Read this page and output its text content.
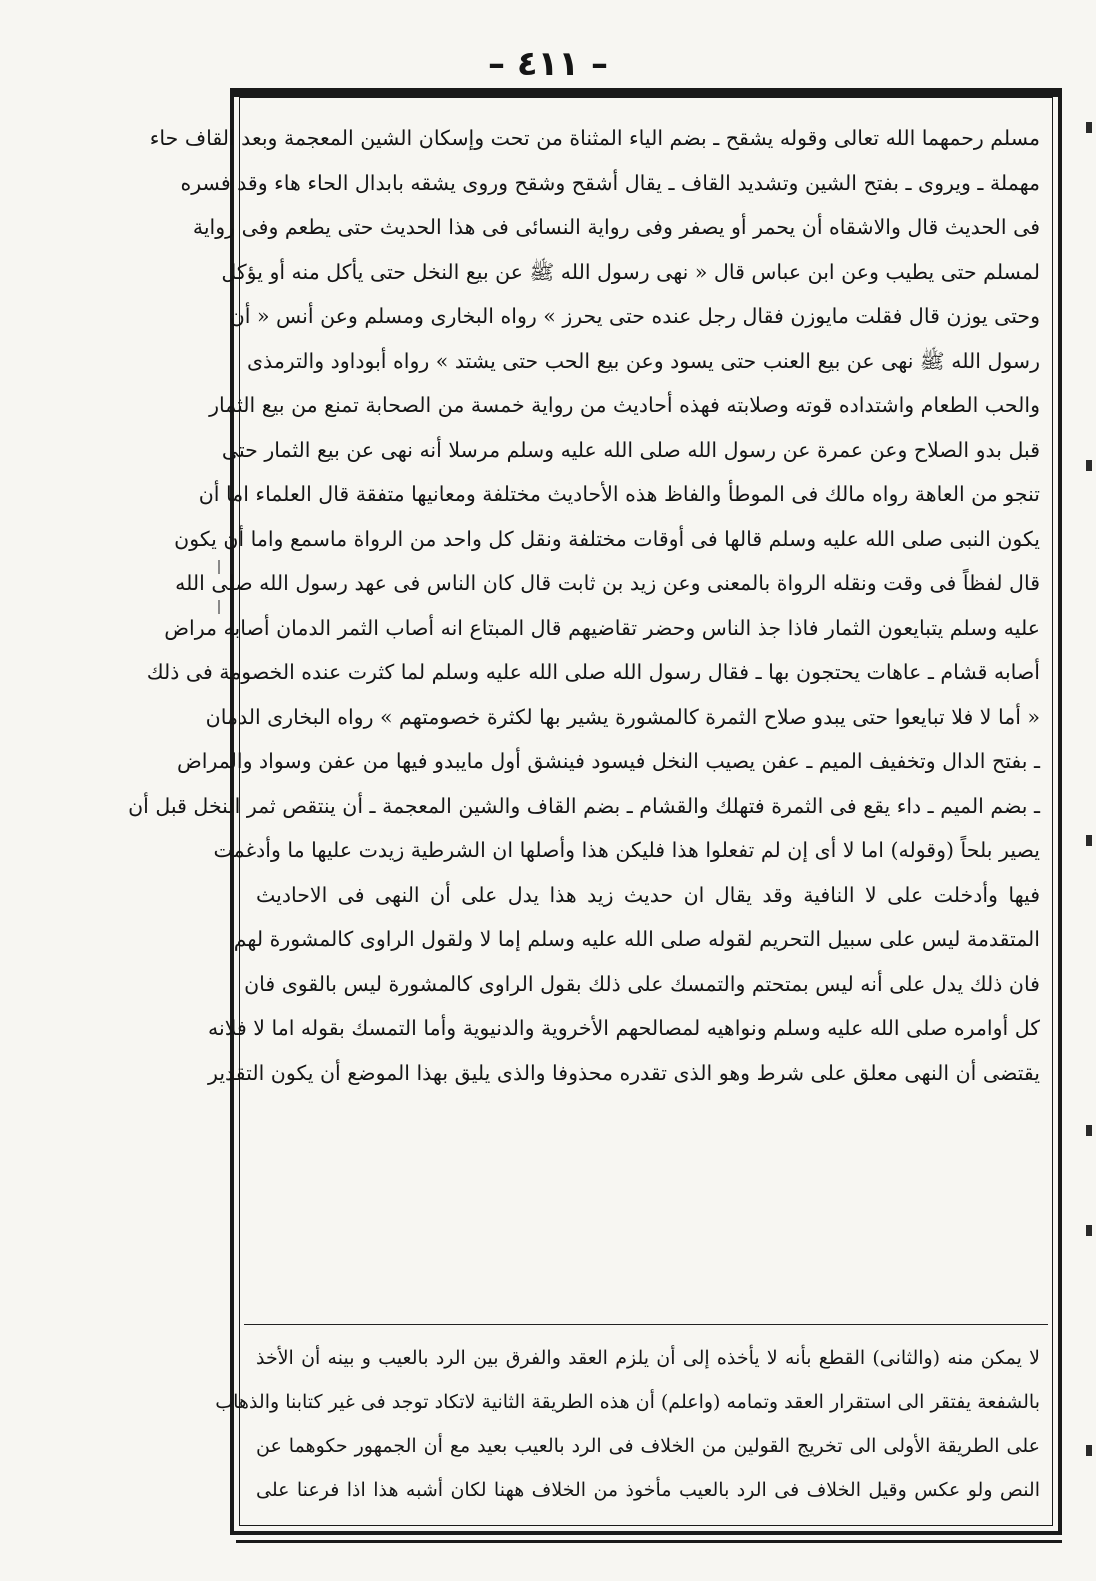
– ٤١١ –
مسلم رحمهما الله تعالى وقوله يشقح ـ بضم الياء المثناة من تحت وإسكان الشين المعجمة وبعد القاف حاء
مهملة ـ ويروى ـ بفتح الشين وتشديد القاف ـ يقال أشقح وشقح وروى يشقه بابدال الحاء هاء وقد فسره
فى الحديث قال والاشقاه أن يحمر أو يصفر وفى رواية النسائى فى هذا الحديث حتى يطعم وفى رواية
لمسلم حتى يطيب وعن ابن عباس قال « نهى رسول الله ﷺ عن بيع النخل حتى يأكل منه أو يؤكل
وحتى يوزن قال فقلت مايوزن فقال رجل عنده حتى يحرز » رواه البخارى ومسلم وعن أنس « أن
رسول الله ﷺ نهى عن بيع العنب حتى يسود وعن بيع الحب حتى يشتد » رواه أبوداود والترمذى
والحب الطعام واشتداده قوته وصلابته فهذه أحاديث من رواية خمسة من الصحابة تمنع من بيع الثمار
قبل بدو الصلاح وعن عمرة عن رسول الله صلى الله عليه وسلم مرسلا أنه نهى عن بيع الثمار حتى
تنجو من العاهة رواه مالك فى الموطأ والفاظ هذه الأحاديث مختلفة ومعانيها متفقة قال العلماء اما أن
يكون النبى صلى الله عليه وسلم قالها فى أوقات مختلفة ونقل كل واحد من الرواة ماسمع واما أن يكون
قال لفظاً فى وقت ونقله الرواة بالمعنى وعن زيد بن ثابت قال كان الناس فى عهد رسول الله صلى الله
عليه وسلم يتبايعون الثمار فاذا جذ الناس وحضر تقاضيهم قال المبتاع انه أصاب الثمر الدمان أصابه مراض
أصابه قشام ـ عاهات يحتجون بها ـ فقال رسول الله صلى الله عليه وسلم لما كثرت عنده الخصومة فى ذلك
« أما لا فلا تبايعوا حتى يبدو صلاح الثمرة كالمشورة يشير بها لكثرة خصومتهم » رواه البخارى الدمان
ـ بفتح الدال وتخفيف الميم ـ عفن يصيب النخل فيسود فينشق أول مايبدو فيها من عفن وسواد والمراض
ـ بضم الميم ـ داء يقع فى الثمرة فتهلك والقشام ـ بضم القاف والشين المعجمة ـ أن ينتقص ثمر النخل قبل أن
يصير بلحاً (وقوله) اما لا أى إن لم تفعلوا هذا فليكن هذا وأصلها ان الشرطية زيدت عليها ما وأدغمت
فيها وأدخلت على لا النافية وقد يقال ان حديث زيد هذا يدل على أن النهى فى الاحاديث
المتقدمة ليس على سبيل التحريم لقوله صلى الله عليه وسلم إما لا ولقول الراوى كالمشورة لهم
فان ذلك يدل على أنه ليس بمتحتم والتمسك على ذلك بقول الراوى كالمشورة ليس بالقوى فان
كل أوامره صلى الله عليه وسلم ونواهيه لمصالحهم الأخروية والدنيوية وأما التمسك بقوله اما لا فلانه
يقتضى أن النهى معلق على شرط وهو الذى تقدره محذوفا والذى يليق بهذا الموضع أن يكون التقدير
لا يمكن منه (والثانى) القطع بأنه لا يأخذه إلى أن يلزم العقد والفرق بين الرد بالعيب و بينه أن الأخذ
بالشفعة يفتقر الى استقرار العقد وتمامه (واعلم) أن هذه الطريقة الثانية لاتكاد توجد فى غير كتابنا والذهاب
على الطريقة الأولى الى تخريج القولين من الخلاف فى الرد بالعيب بعيد مع أن الجمهور حكوهما عن
النص ولو عكس وقيل الخلاف فى الرد بالعيب مأخوذ من الخلاف ههنا لكان أشبه هذا اذا فرعنا على
